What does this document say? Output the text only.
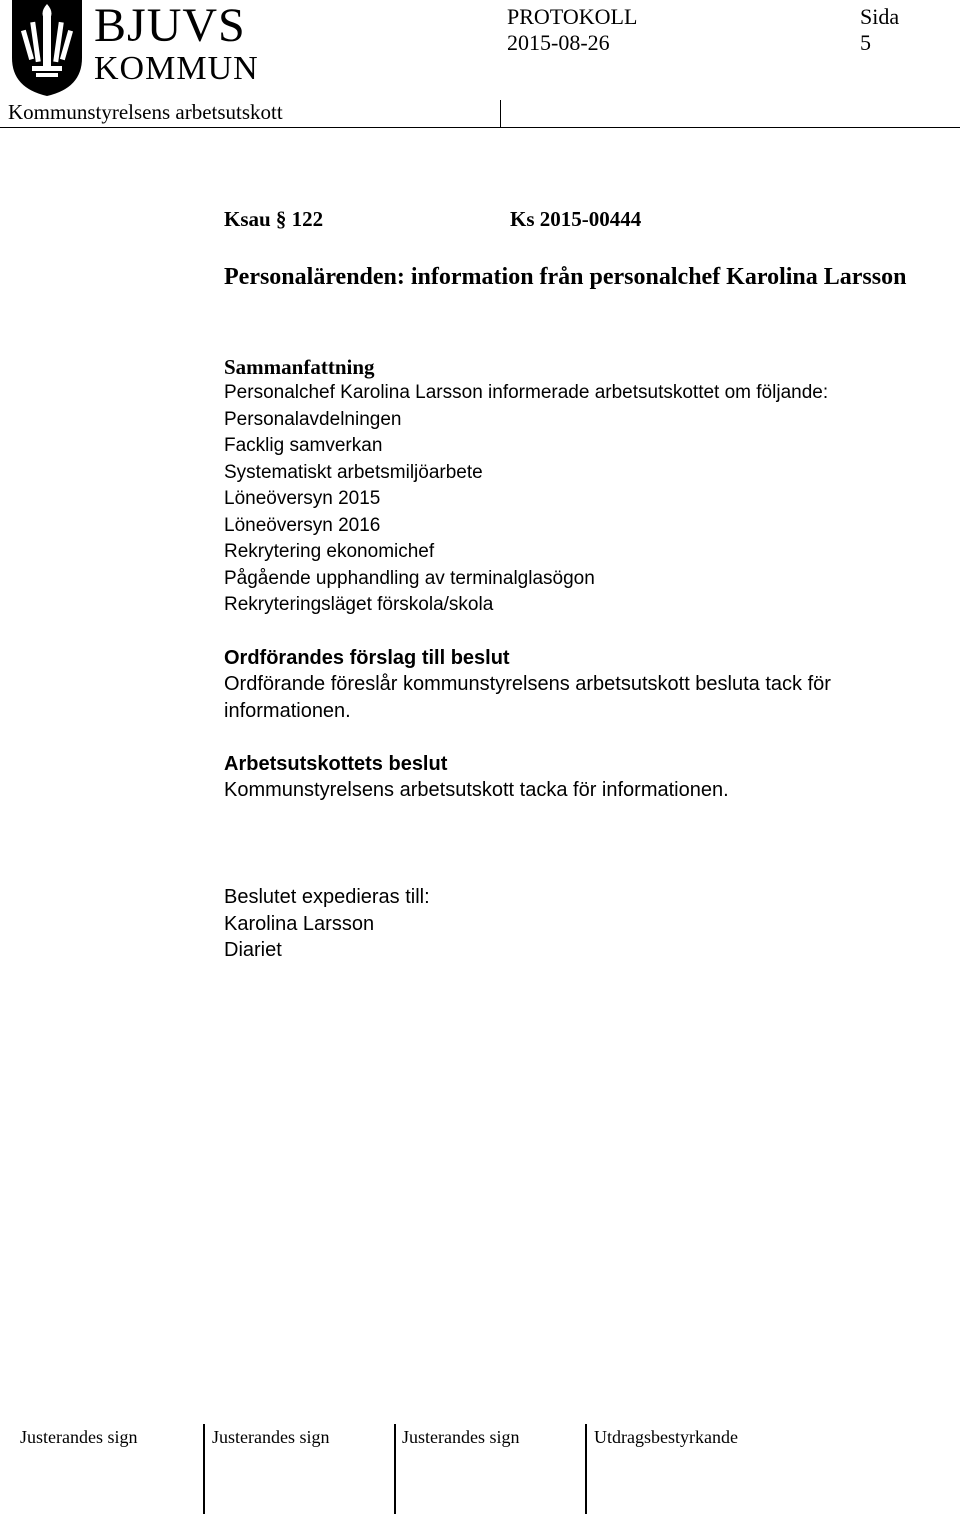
BJUVS
KOMMUN
Kommunstyrelsens arbetsutskott
PROTOKOLL
2015-08-26
Sida
5
Ksau § 122	Ks 2015-00444
Personalärenden: information från personalchef Karolina Larsson
Sammanfattning
Personalchef Karolina Larsson informerade arbetsutskottet om följande:
Personalavdelningen
Facklig samverkan
Systematiskt arbetsmiljöarbete
Löneöversyn 2015
Löneöversyn 2016
Rekrytering ekonomichef
Pågående upphandling av terminalglasögon
Rekryteringsläget förskola/skola
Ordförandes förslag till beslut
Ordförande föreslår kommunstyrelsens arbetsutskott besluta tack för informationen.
Arbetsutskottets beslut
Kommunstyrelsens arbetsutskott tacka för informationen.
Beslutet expedieras till:
Karolina Larsson
Diariet
Justerandes sign	Justerandes sign	Justerandes sign	Utdragsbestyrkande
